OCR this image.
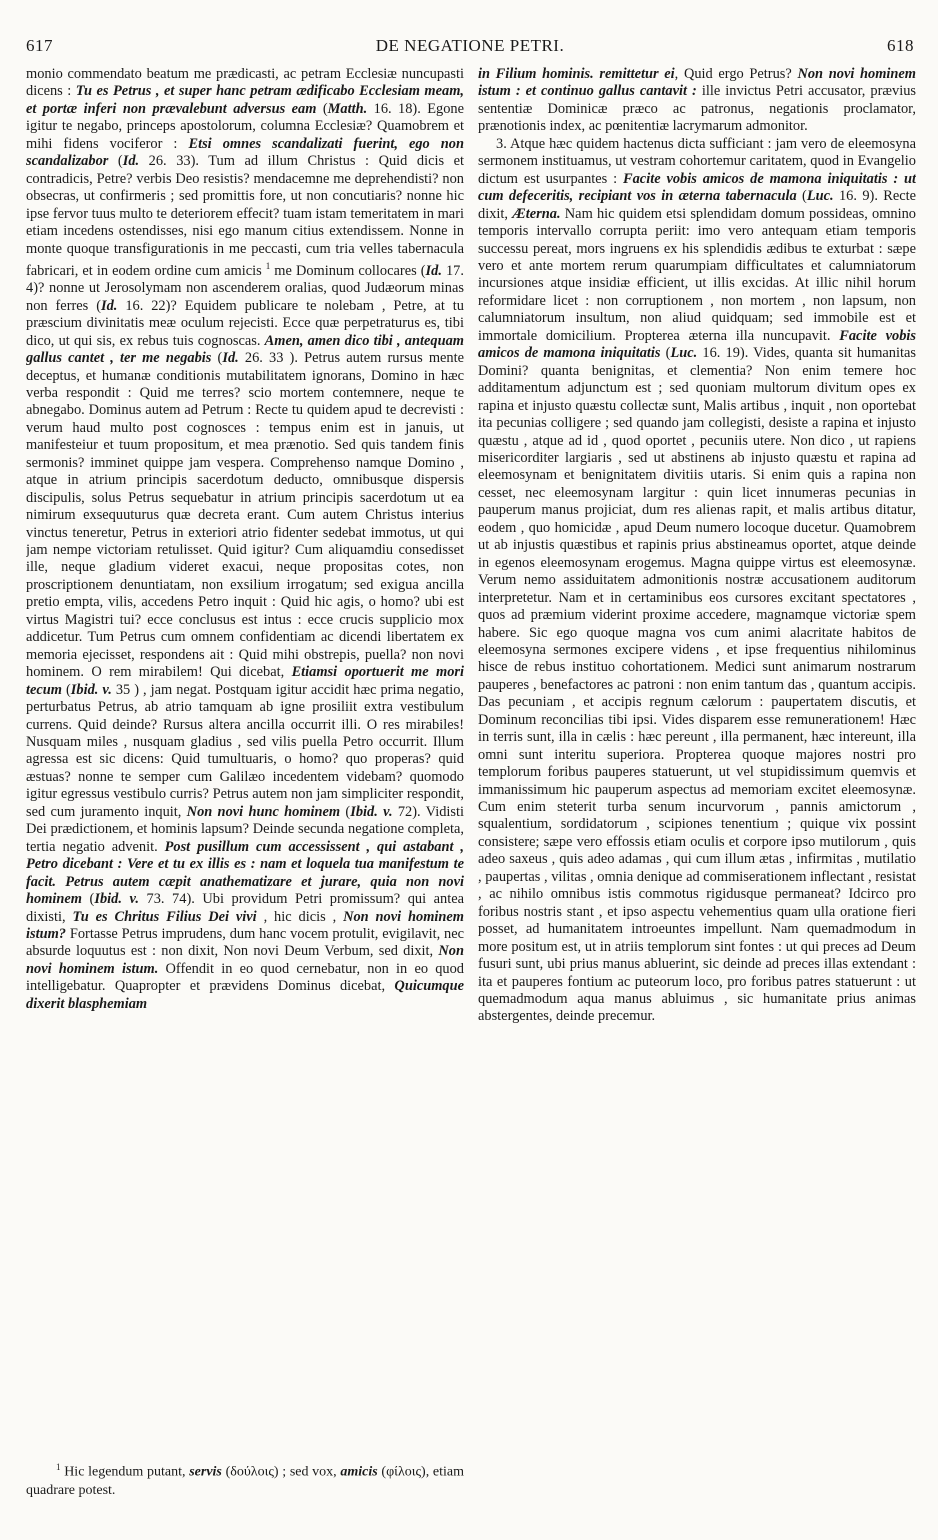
617	DE NEGATIONE PETRI.	618

monio commendato beatum me prædicasti, ac petram Ecclesiæ nuncupasti dicens : Tu es Petrus , et super hanc petram ædificabo Ecclesiam meam, et portæ inferi non prævalebunt adversus eam (Matth. 16. 18). Egone igitur te negabo, princeps apostolorum, columna Ecclesiæ? Quamobrem et mihi fidens vociferor : Etsi omnes scandalizati fuerint, ego non scandalizabor (Id. 26. 33). Tum ad illum Christus : Quid dicis et contradicis, Petre? verbis Deo resistis? mendacemne me deprehendisti? non obsecras, ut confirmeris ; sed promittis fore, ut non concutiaris? nonne hic ipse fervor tuus multo te deteriorem effecit? tuam istam temeritatem in mari etiam incedens ostendisses, nisi ego manum citius extendissem. Nonne in monte quoque transfigurationis in me peccasti, cum tria velles tabernacula fabricari, et in eodem ordine cum amicis $^1$ me Dominum collocares (Id. 17. 4)? nonne ut Jerosolymam non ascenderem oralias, quod Judæorum minas non ferres (Id. 16. 22)? Equidem publicare te nolebam , Petre, at tu præscium divinitatis meæ oculum rejecisti. Ecce quæ perpetraturus es, tibi dico, ut qui sis, ex rebus tuis cognoscas. Amen, amen dico tibi , antequam gallus cantet , ter me negabis (Id. 26. 33 ). Petrus autem rursus mente deceptus, et humanæ conditionis mutabilitatem ignorans, Domino in hæc verba respondit : Quid me terres? scio mortem contemnere, neque te abnegabo. Dominus autem ad Petrum : Recte tu quidem apud te decrevisti : verum haud multo post cognosces : tempus enim est in januis, ut manifesteiur et tuum propositum, et mea prænotio. Sed quis tandem finis sermonis? imminet quippe jam vespera. Comprehenso namque Domino , atque in atrium principis sacerdotum deducto, omnibusque dispersis discipulis, solus Petrus sequebatur in atrium principis sacerdotum ut ea nimirum exsequuturus quæ decreta erant. Cum autem Christus interius vinctus teneretur, Petrus in exteriori atrio fidenter sedebat immotus, ut qui jam nempe victoriam retulisset. Quid igitur? Cum aliquamdiu consedisset ille, neque gladium videret exacui, neque propositas cotes, non proscriptionem denuntiatam, non exsilium irrogatum; sed exigua ancilla pretio empta, vilis, accedens Petro inquit : Quid hic agis, o homo? ubi est virtus Magistri tui? ecce conclusus est intus : ecce crucis supplicio mox addicetur. Tum Petrus cum omnem confidentiam ac dicendi libertatem ex memoria ejecisset, respondens ait : Quid mihi obstrepis, puella? non novi hominem. O rem mirabilem! Qui dicebat, Etiamsi oportuerit me mori tecum (Ibid. v. 35 ) , jam negat. Postquam igitur accidit hæc prima negatio, perturbatus Petrus, ab atrio tamquam ab igne prosiliit extra vestibulum currens. Quid deinde? Rursus altera ancilla occurrit illi. O res mirabiles! Nusquam miles , nusquam gladius , sed vilis puella Petro occurrit. Illum agressa est sic dicens: Quid tumultuaris, o homo? quo properas? quid æstuas? nonne te semper cum Galilæo incedentem videbam? quomodo igitur egressus vestibulo curris? Petrus autem non jam simpliciter respondit, sed cum juramento inquit, Non novi hunc hominem (Ibid. v. 72). Vidisti Dei prædictionem, et hominis lapsum? Deinde secunda negatione completa, tertia negatio advenit. Post pusillum cum accessissent , qui astabant , Petro dicebant : Vere et tu ex illis es : nam et loquela tua manifestum te facit. Petrus autem cæpit anathematizare et jurare, quia non novi hominem (Ibid. v. 73. 74). Ubi providum Petri promissum? qui antea dixisti, Tu es Chritus Filius Dei vivi , hic dicis , Non novi hominem istum? Fortasse Petrus imprudens, dum hanc vocem protulit, evigilavit, nec absurde loquutus est : non dixit, Non novi Deum Verbum, sed dixit, Non novi hominem istum. Offendit in eo quod cernebatur, non in eo quod intelligebatur. Quapropter et prævidens Dominus dicebat, Quicumque dixerit blasphemiam

in Filium hominis. remittetur ei, Quid ergo Petrus? Non novi hominem istum : et continuo gallus cantavit : ille invictus Petri accusator, prævius sententiæ Dominicæ præco ac patronus, negationis proclamator, prænotionis index, ac pœnitentiæ lacrymarum admonitor.

3. Atque hæc quidem hactenus dicta sufficiant : jam vero de eleemosyna sermonem instituamus, ut vestram cohortemur caritatem, quod in Evangelio dictum est usurpantes : Facite vobis amicos de mamona iniquitatis : ut cum defeceritis, recipiant vos in æterna tabernacula (Luc. 16. 9). Recte dixit, Æterna. Nam hic quidem etsi splendidam domum possideas, omnino temporis intervallo corrupta periit: imo vero antequam etiam temporis successu pereat, mors ingruens ex his splendidis ædibus te exturbat : sæpe vero et ante mortem rerum quarumpiam difficultates et calumniatorum incursiones atque insidiæ efficient, ut illis excidas. At illic nihil horum reformidare licet : non corruptionem , non mortem , non lapsum, non calumniatorum insultum, non aliud quidquam; sed immobile est et immortale domicilium. Propterea æterna illa nuncupavit. Facite vobis amicos de mamona iniquitatis (Luc. 16. 19). Vides, quanta sit humanitas Domini? quanta benignitas, et clementia? Non enim temere hoc additamentum adjunctum est ; sed quoniam multorum divitum opes ex rapina et injusto quæstu collectæ sunt, Malis artibus , inquit , non oportebat ita pecunias colligere ; sed quando jam collegisti, desiste a rapina et injusto quæstu , atque ad id , quod oportet , pecuniis utere. Non dico , ut rapiens misericorditer largiaris , sed ut abstinens ab injusto quæstu et rapina ad eleemosynam et benignitatem divitiis utaris. Si enim quis a rapina non cesset, nec eleemosynam largitur : quin licet innumeras pecunias in pauperum manus projiciat, dum res alienas rapit, et malis artibus ditatur, eodem , quo homicidæ , apud Deum numero locoque ducetur. Quamobrem ut ab injustis quæstibus et rapinis prius abstineamus oportet, atque deinde in egenos eleemosynam erogemus. Magna quippe virtus est eleemosynæ. Verum nemo assiduitatem admonitionis nostræ accusationem auditorum interpretetur. Nam et in certaminibus eos cursores excitant spectatores , quos ad præmium viderint proxime accedere, magnamque victoriæ spem habere. Sic ego quoque magna vos cum animi alacritate habitos de eleemosyna sermones excipere videns , et ipse frequentius nihilominus hisce de rebus instituo cohortationem. Medici sunt animarum nostrarum pauperes , benefactores ac patroni : non enim tantum das , quantum accipis. Das pecuniam , et accipis regnum cælorum : paupertatem discutis, et Dominum reconcilias tibi ipsi. Vides disparem esse remunerationem! Hæc in terris sunt, illa in cælis : hæc pereunt , illa permanent, hæc intereunt, illa omni sunt interitu superiora. Propterea quoque majores nostri pro templorum foribus pauperes statuerunt, ut vel stupidissimum quemvis et immanissimum hic pauperum aspectus ad memoriam excitet eleemosynæ. Cum enim steterit turba senum incurvorum , pannis amictorum , squalentium, sordidatorum , scipiones tenentium ; quique vix possint consistere; sæpe vero effossis etiam oculis et corpore ipso mutilorum , quis adeo saxeus , quis adeo adamas , qui cum illum ætas , infirmitas , mutilatio , paupertas , vilitas , omnia denique ad commiserationem inflectant , resistat , ac nihilo omnibus istis commotus rigidusque permaneat? Idcirco pro foribus nostris stant , et ipso aspectu vehementius quam ulla oratione fieri posset, ad humanitatem introeuntes impellunt. Nam quemadmodum in more positum est, ut in atriis templorum sint fontes : ut qui preces ad Deum fusuri sunt, ubi prius manus abluerint, sic deinde ad preces illas extendant : ita et pauperes fontium ac puteorum loco, pro foribus patres statuerunt : ut quemadmodum aqua manus abluimus , sic humanitate prius animas abstergentes, deinde precemur.

$^1$ Hic legendum putant, servis (δούλοις) ; sed vox, amicis (φίλοις), etiam quadrare potest.
